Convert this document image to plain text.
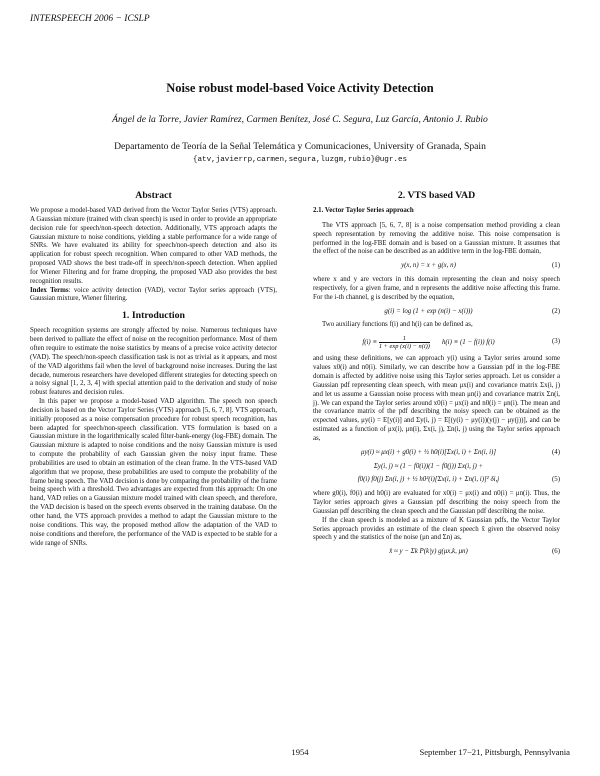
INTERSPEECH 2006 − ICSLP
Noise robust model-based Voice Activity Detection
Ángel de la Torre, Javier Ramírez, Carmen Benítez, José C. Segura, Luz García, Antonio J. Rubio
Departamento de Teoría de la Señal Telemática y Comunicaciones, University of Granada, Spain
{atv,javierrp,carmen,segura,luzgm,rubio}@ugr.es
Abstract

We propose a model-based VAD derived from the Vector Taylor Series (VTS) approach. A Gaussian mixture (trained with clean speech) is used in order to provide an appropriate decision rule for speech/non-speech detection. Additionally, VTS approach adapts the Gaussian mixture to noise conditions, yielding a stable performance for a wide range of SNRs. We have evaluated its ability for speech/non-speech detection and also its application for robust speech recognition. When compared to other VAD methods, the proposed VAD shows the best trade-off in speech/non-speech detection. When applied for Wiener Filtering and for frame dropping, the proposed VAD also provides the best recognition results.

Index Terms: voice activity detection (VAD), vector Taylor series approach (VTS), Gaussian mixture, Wiener filtering.

1. Introduction

Speech recognition systems are strongly affected by noise. Numerous techniques have been derived to palliate the effect of noise on the recognition performance. Most of them often require to estimate the noise statistics by means of a precise voice activity detector (VAD). The speech/non-speech classification task is not as trivial as it appears, and most of the VAD algorithms fail when the level of background noise increases. During the last decade, numerous researchers have developed different strategies for detecting speech on a noisy signal [1, 2, 3, 4] with special attention paid to the derivation and study of noise robust features and decision rules.

In this paper we propose a model-based VAD algorithm. The speech non speech decision is based on the Vector Taylor Series (VTS) approach [5, 6, 7, 8]. VTS approach, initially proposed as a noise compensation procedure for robust speech recognition, has been adapted for speech/non-speech classification. VTS formulation is based on a Gaussian mixture in the logarithmically scaled filter-bank-energy (log-FBE) domain. The Gaussian mixture is adapted to noise conditions and the noisy Gaussian mixture is used to compute the probability of each Gaussian given the noisy input frame. These probabilities are used to obtain an estimation of the clean frame. In the VTS-based VAD algorithm that we propose, these probabilities are used to compute the probability of the frame being speech. The VAD decision is done by comparing the probability of the frame being speech with a threshold. Two advantages are expected from this approach: On one hand, VAD relies on a Gaussian mixture model trained with clean speech, and therefore, the VAD decision is based on the speech events observed in the training database. On the other hand, the VTS approach provides a method to adapt the Gaussian mixture to the noise conditions. This way, the proposed method allow the adaptation of the VAD to noise conditions and therefore, the performance of the VAD is expected to be stable for a wide range of SNRs.

2. VTS based VAD
2.1. Vector Taylor Series approach

The VTS approach [5, 6, 7, 8] is a noise compensation method providing a clean speech representation by removing the additive noise. This noise compensation is performed in the log-FBE domain and is based on a Gaussian mixture. It assumes that the effect of the noise can be described as an additive term in the log-FBE domain,

y(x, n) = x + g(x, n)	(1)

where x and y are vectors in this domain representing the clean and noisy speech respectively, for a given frame, and n represents the additive noise affecting this frame. For the i-th channel, g is described by the equation,

g(i) = log (1 + exp (n(i) − x(i)))	(2)

Two auxiliary functions f(i) and h(i) can be defined as,

$f(i) \equiv \frac{1}{1 + \exp (x(i) - n(i))} h(i) \equiv (1 - f(i))$ f(i)	(3)

and using these definitions, we can approach y(i) using a Taylor series around some values x0(i) and n0(i). Similarly, we can describe how a Gaussian pdf in the log-FBE domain is affected by additive noise using this Taylor series approach. Let us consider a Gaussian pdf representing clean speech, with mean μx(i) and covariance matrix Σx(i, j) and let us assume a Gaussian noise process with mean μn(i) and covariance matrix Σn(i, j). We can expand the Taylor series around x0(i) = μx(i) and n0(i) = μn(i). The mean and the covariance matrix of the pdf describing the noisy speech can be obtained as the expected values, μy(i) = E[y(i)] and Σy(i, j) = E[(y(i) − μy(i))(y(j) − μy(j))], and can be estimated as a function of μx(i), μn(i), Σx(i, j), Σn(i, j) using the Taylor series approach as,

μy(i) ≈ μx(i) + g0(i) + ½ h0(i)[Σx(i, i) + Σn(i, i)]	(4)
Σy(i, j) ≈ (1 − f0(i))(1 − f0(j)) Σx(i, j) +
f0(i) f0(j) Σn(i, j) + ½ h0²(i)[Σx(i, i) + Σn(i, i)]² δi,j	(5)

where g0(i), f0(i) and h0(i) are evaluated for x0(i) = μx(i) and n0(i) = μn(i). Thus, the Taylor series approach gives a Gaussian pdf describing the noisy speech from the Gaussian pdf describing the clean speech and the Gaussian pdf describing the noise.

If the clean speech is modeled as a mixture of K Gaussian pdfs, the Vector Taylor Series approach provides an estimate of the clean speech x̂ given the observed noisy speech y and the statistics of the noise (μn and Σn) as,

x̂ ≈ y − Σk P(k|y) g(μx,k, μn)	(6)
1954	September 17−21, Pittsburgh, Pennsylvania
